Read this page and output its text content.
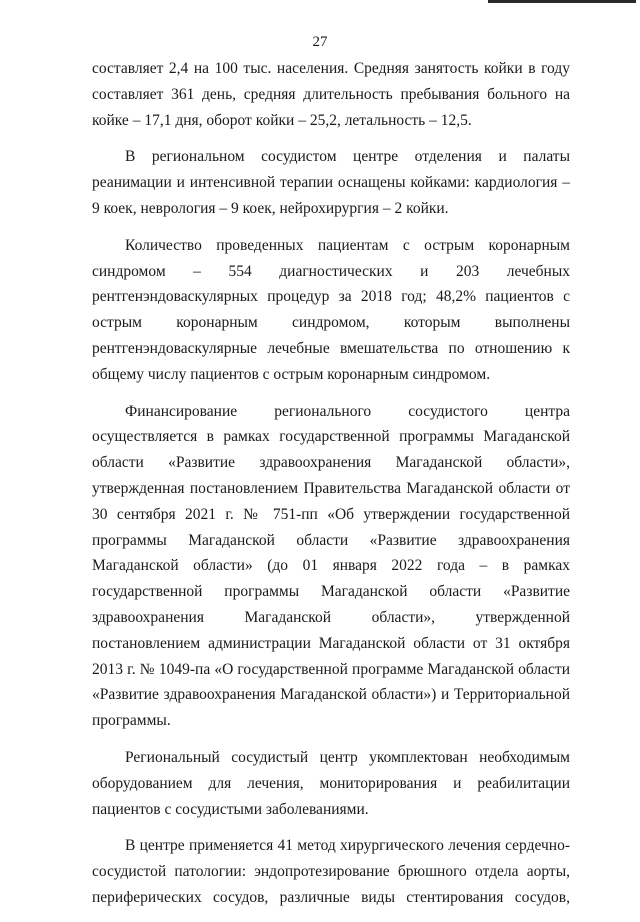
27

составляет 2,4 на 100 тыс. населения. Средняя занятость койки в году составляет 361 день, средняя длительность пребывания больного на койке – 17,1 дня, оборот койки – 25,2, летальность – 12,5.

В региональном сосудистом центре отделения и палаты реанимации и интенсивной терапии оснащены койками: кардиология – 9 коек, неврология – 9 коек, нейрохирургия – 2 койки.

Количество проведенных пациентам с острым коронарным синдромом – 554 диагностических и 203 лечебных рентгенэндоваскулярных процедур за 2018 год; 48,2% пациентов с острым коронарным синдромом, которым выполнены рентгенэндоваскулярные лечебные вмешательства по отношению к общему числу пациентов с острым коронарным синдромом.

Финансирование регионального сосудистого центра осуществляется в рамках государственной программы Магаданской области «Развитие здравоохранения Магаданской области», утвержденная постановлением Правительства Магаданской области от 30 сентября 2021 г. № 751-пп «Об утверждении государственной программы Магаданской области «Развитие здравоохранения Магаданской области» (до 01 января 2022 года – в рамках государственной программы Магаданской области «Развитие здравоохранения Магаданской области», утвержденной постановлением администрации Магаданской области от 31 октября 2013 г. № 1049-па «О государственной программе Магаданской области «Развитие здравоохранения Магаданской области») и Территориальной программы.

Региональный сосудистый центр укомплектован необходимым оборудованием для лечения, мониторирования и реабилитации пациентов с сосудистыми заболеваниями.

В центре применяется 41 метод хирургического лечения сердечно-сосудистой патологии: эндопротезирование брюшного отдела аорты, периферических сосудов, различные виды стентирования сосудов,
